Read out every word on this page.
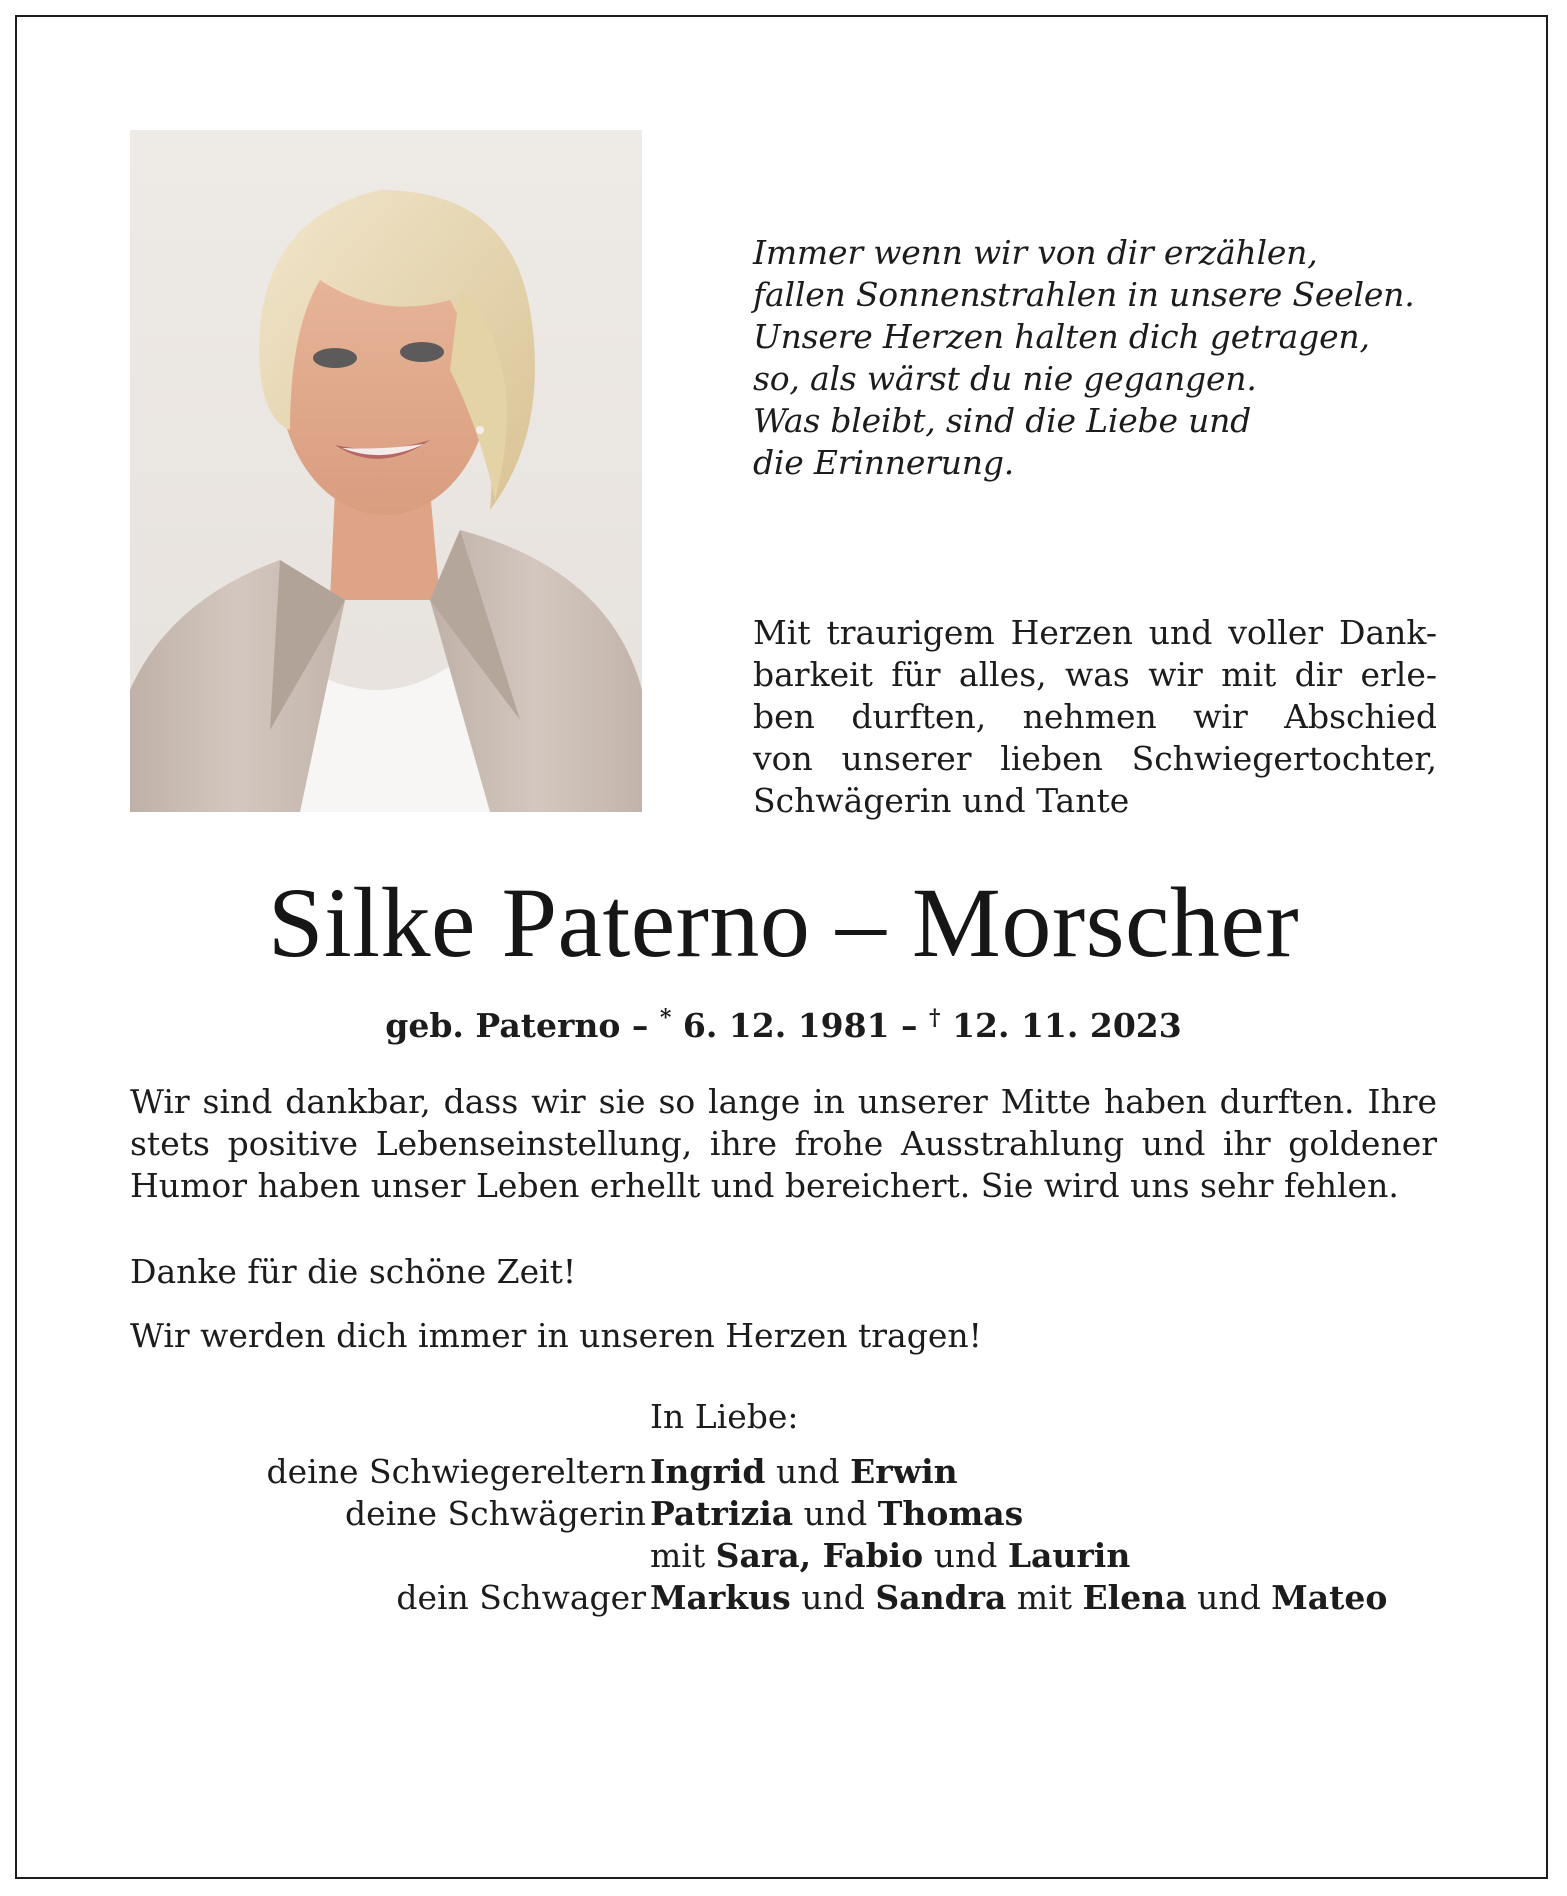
Immer wenn wir von dir erzählen,
fallen Sonnenstrahlen in unsere Seelen.
Unsere Herzen halten dich getragen,
so, als wärst du nie gegangen.
Was bleibt, sind die Liebe und
die Erinnerung.
Mit traurigem Herzen und voller Dank-
barkeit für alles, was wir mit dir erle-
ben durften, nehmen wir Abschied
von unserer lieben Schwiegertochter,
Schwägerin und Tante
Silke Paterno – Morscher
geb. Paterno – * 6. 12. 1981 – † 12. 11. 2023
Wir sind dankbar, dass wir sie so lange in unserer Mitte haben durften. Ihre
stets positive Lebenseinstellung, ihre frohe Ausstrahlung und ihr goldener
Humor haben unser Leben erhellt und bereichert. Sie wird uns sehr fehlen.
Danke für die schöne Zeit!
Wir werden dich immer in unseren Herzen tragen!
In Liebe:
deine Schwiegereltern Ingrid und Erwin
deine Schwägerin Patrizia und Thomas
mit Sara, Fabio und Laurin
dein Schwager Markus und Sandra mit Elena und Mateo
